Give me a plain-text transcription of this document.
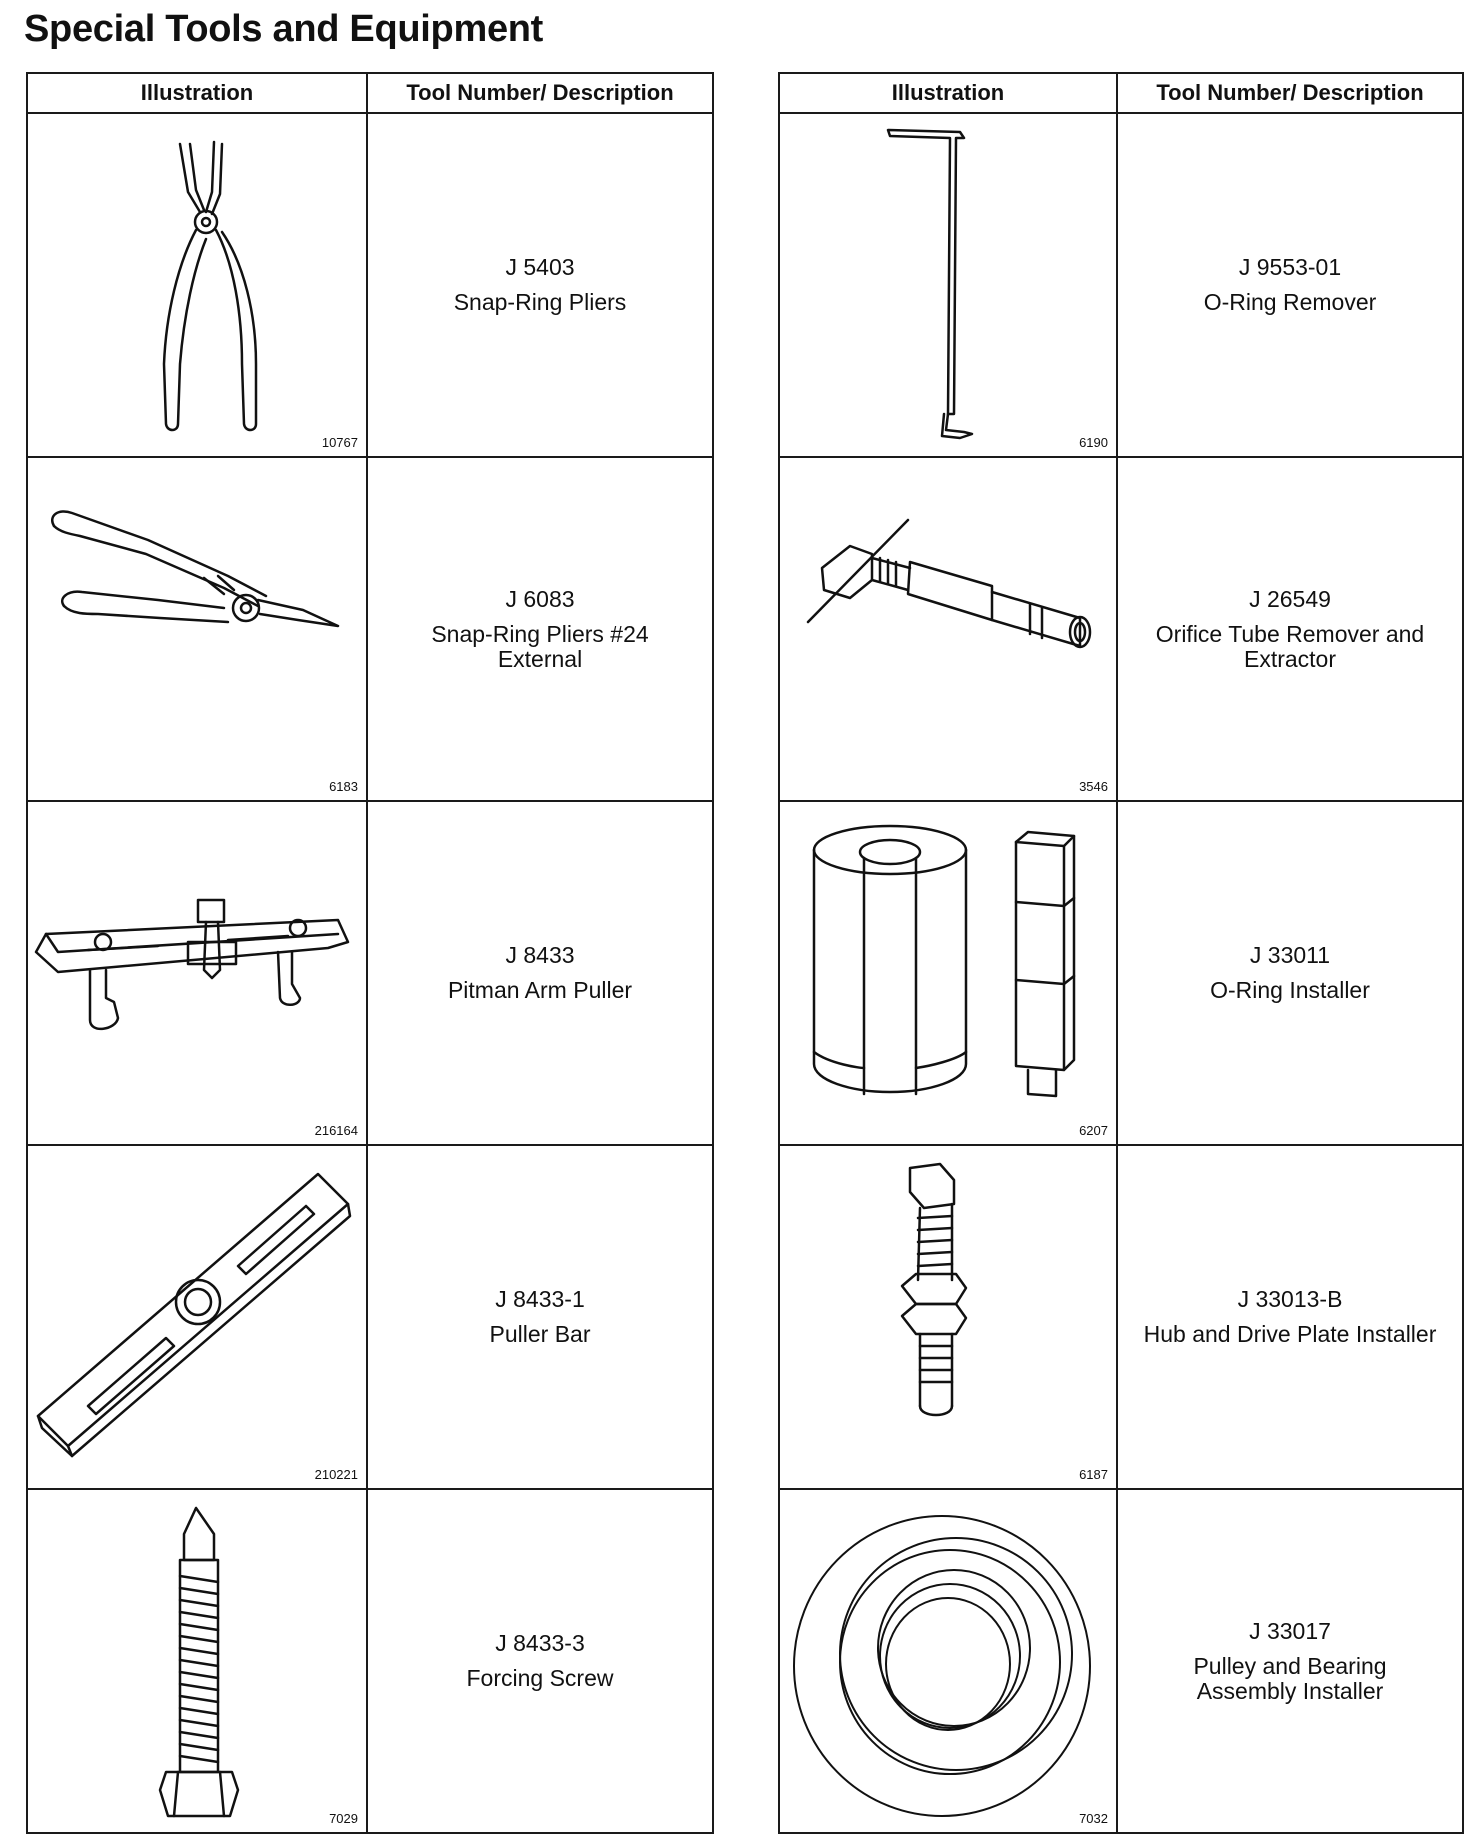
Special Tools and Equipment
Illustration	Tool Number/ Description

10767	J 5403
Snap-Ring Pliers

6183	J 6083
Snap-Ring Pliers #24
External

216164	J 8433
Pitman Arm Puller

210221	J 8433-1
Puller Bar

7029	J 8433-3
Forcing Screw
Illustration	Tool Number/ Description

6190	J 9553-01
O-Ring Remover

3546	J 26549
Orifice Tube Remover and
Extractor

6207	J 33011
O-Ring Installer

6187	J 33013-B
Hub and Drive Plate Installer

7032	J 33017
Pulley and Bearing
Assembly Installer
